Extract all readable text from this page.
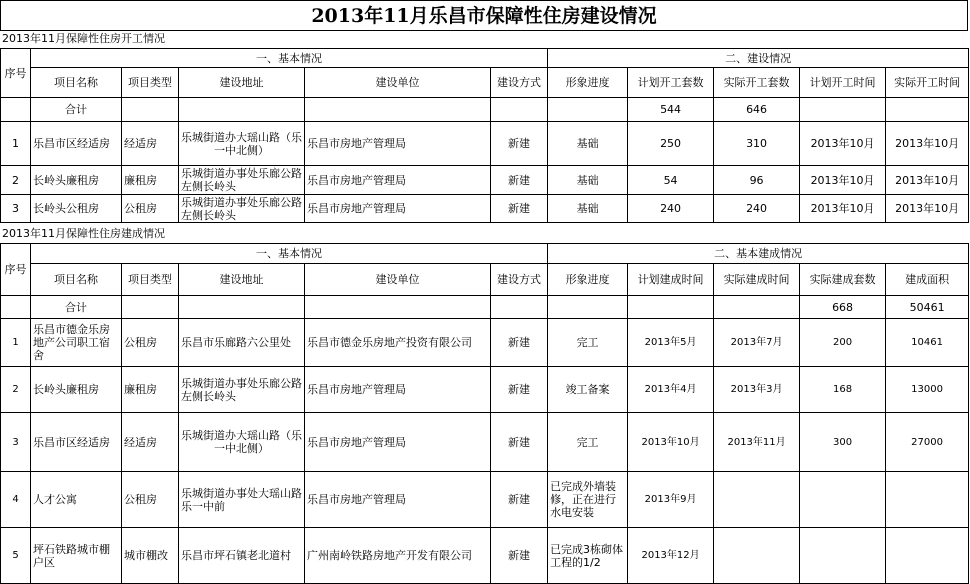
2013年11月乐昌市保障性住房建设情况
2013年11月保障性住房开工情况
序号	一、基本情况					二、建设情况				
	项目名称	项目类型	建设地址	建设单位	建设方式	形象进度	计划开工套数	实际开工套数	计划开工时间	实际开工时间
	合计						544	646		
1	乐昌市区经适房	经适房	乐城街道办大瑶山路（乐一中北侧）	乐昌市房地产管理局	新建	基础	250	310	2013年10月	2013年10月
2	长岭头廉租房	廉租房	乐城街道办事处乐廊公路左侧长岭头	乐昌市房地产管理局	新建	基础	54	96	2013年10月	2013年10月
3	长岭头公租房	公租房	乐城街道办事处乐廊公路左侧长岭头	乐昌市房地产管理局	新建	基础	240	240	2013年10月	2013年10月
2013年11月保障性住房建成情况
序号	一、基本情况					二、基本建成情况				
	项目名称	项目类型	建设地址	建设单位	建设方式	形象进度	计划建成时间	实际建成时间	实际建成套数	建成面积
	合计								668	50461
1	乐昌市德金乐房地产公司职工宿舍	公租房	乐昌市乐廊路六公里处	乐昌市德金乐房地产投资有限公司	新建	完工	2013年5月	2013年7月	200	10461
2	长岭头廉租房	廉租房	乐城街道办事处乐廊公路左侧长岭头	乐昌市房地产管理局	新建	竣工备案	2013年4月	2013年3月	168	13000
3	乐昌市区经适房	经适房	乐城街道办大瑶山路（乐一中北侧）	乐昌市房地产管理局	新建	完工	2013年10月	2013年11月	300	27000
4	人才公寓	公租房	乐城街道办事处大瑶山路乐一中前	乐昌市房地产管理局	新建	已完成外墙装修，正在进行水电安装	2013年9月			
5	坪石铁路城市棚户区	城市棚改	乐昌市坪石镇老北道村	广州南岭铁路房地产开发有限公司	新建	已完成3栋砌体工程的1/2	2013年12月			
